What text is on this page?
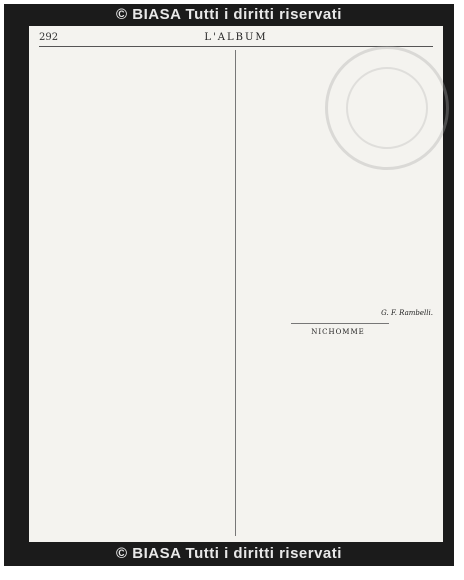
© BIASA Tutti i diritti riservati
292	L'ALBUM
G. F. Rambelli.
NICHOMME
© BIASA Tutti i diritti riservati
